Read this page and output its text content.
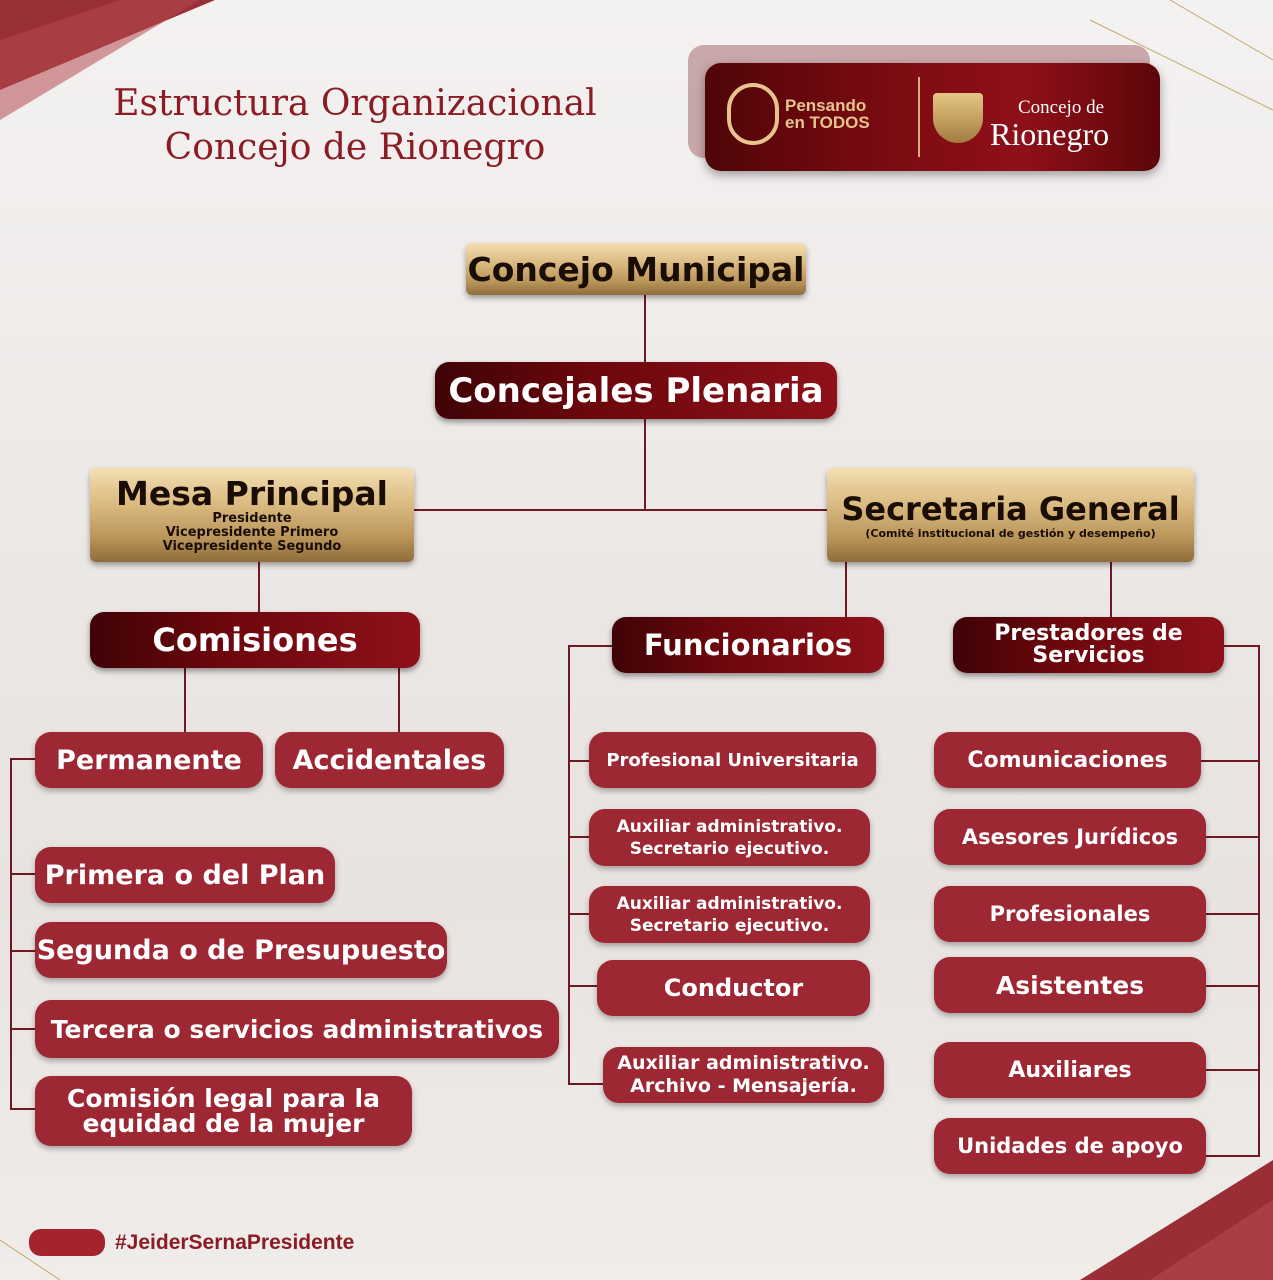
Estructura Organizacional
Concejo de Rionegro
Pensando
en TODOS
Concejo de
Rionegro
Concejo Municipal
Concejales Plenaria
Mesa Principal
Presidente
Vicepresidente Primero
Vicepresidente Segundo
Secretaria General
(Comité institucional de gestión y desempeño)
Comisiones	Funcionarios	Prestadores de Servicios
Permanente Accidentales
Primera o del Plan
Segunda o de Presupuesto
Tercera o servicios administrativos
Comisión legal para la equidad de la mujer
Profesional Universitaria
Auxiliar administrativo. Secretario ejecutivo.
Auxiliar administrativo. Secretario ejecutivo.
Conductor
Auxiliar administrativo. Archivo - Mensajería.
Comunicaciones
Asesores Jurídicos
Profesionales
Asistentes
Auxiliares
Unidades de apoyo
#JeiderSernaPresidente
